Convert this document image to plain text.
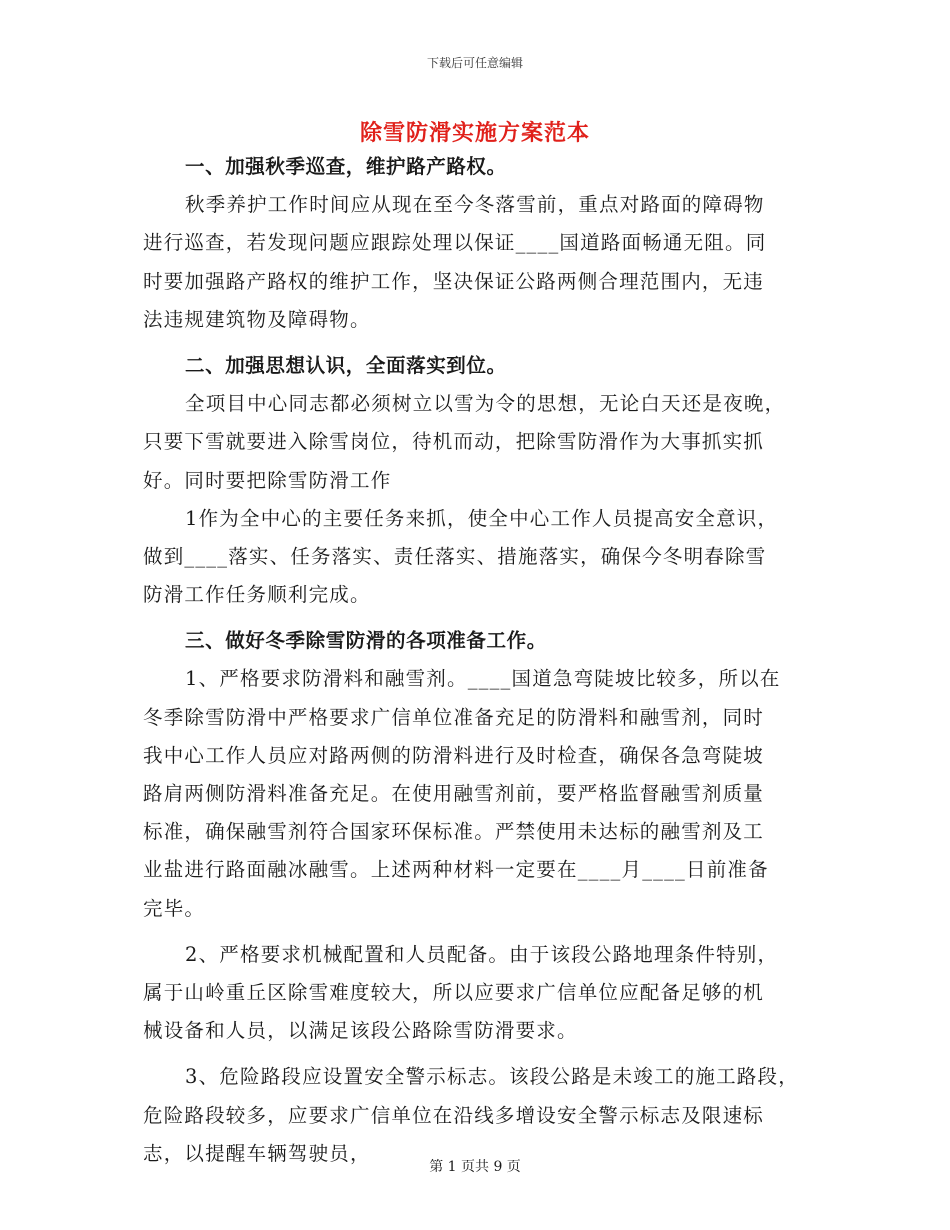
下载后可任意编辑
除雪防滑实施方案范本
一、加强秋季巡查，维护路产路权。
秋季养护工作时间应从现在至今冬落雪前，重点对路面的障碍物
进行巡查，若发现问题应跟踪处理以保证____国道路面畅通无阻。同
时要加强路产路权的维护工作，坚决保证公路两侧合理范围内，无违
法违规建筑物及障碍物。
二、加强思想认识，全面落实到位。
全项目中心同志都必须树立以雪为令的思想，无论白天还是夜晚，
只要下雪就要进入除雪岗位，待机而动，把除雪防滑作为大事抓实抓
好。同时要把除雪防滑工作
1作为全中心的主要任务来抓，使全中心工作人员提高安全意识，
做到____落实、任务落实、责任落实、措施落实，确保今冬明春除雪
防滑工作任务顺利完成。
三、做好冬季除雪防滑的各项准备工作。
1、严格要求防滑料和融雪剂。____国道急弯陡坡比较多，所以在
冬季除雪防滑中严格要求广信单位准备充足的防滑料和融雪剂，同时
我中心工作人员应对路两侧的防滑料进行及时检查，确保各急弯陡坡
路肩两侧防滑料准备充足。在使用融雪剂前，要严格监督融雪剂质量
标准，确保融雪剂符合国家环保标准。严禁使用未达标的融雪剂及工
业盐进行路面融冰融雪。上述两种材料一定要在____月____日前准备
完毕。
2、严格要求机械配置和人员配备。由于该段公路地理条件特别，
属于山岭重丘区除雪难度较大，所以应要求广信单位应配备足够的机
械设备和人员，以满足该段公路除雪防滑要求。
3、危险路段应设置安全警示标志。该段公路是未竣工的施工路段，
危险路段较多，应要求广信单位在沿线多增设安全警示标志及限速标
志，以提醒车辆驾驶员，
第 1 页共 9 页
